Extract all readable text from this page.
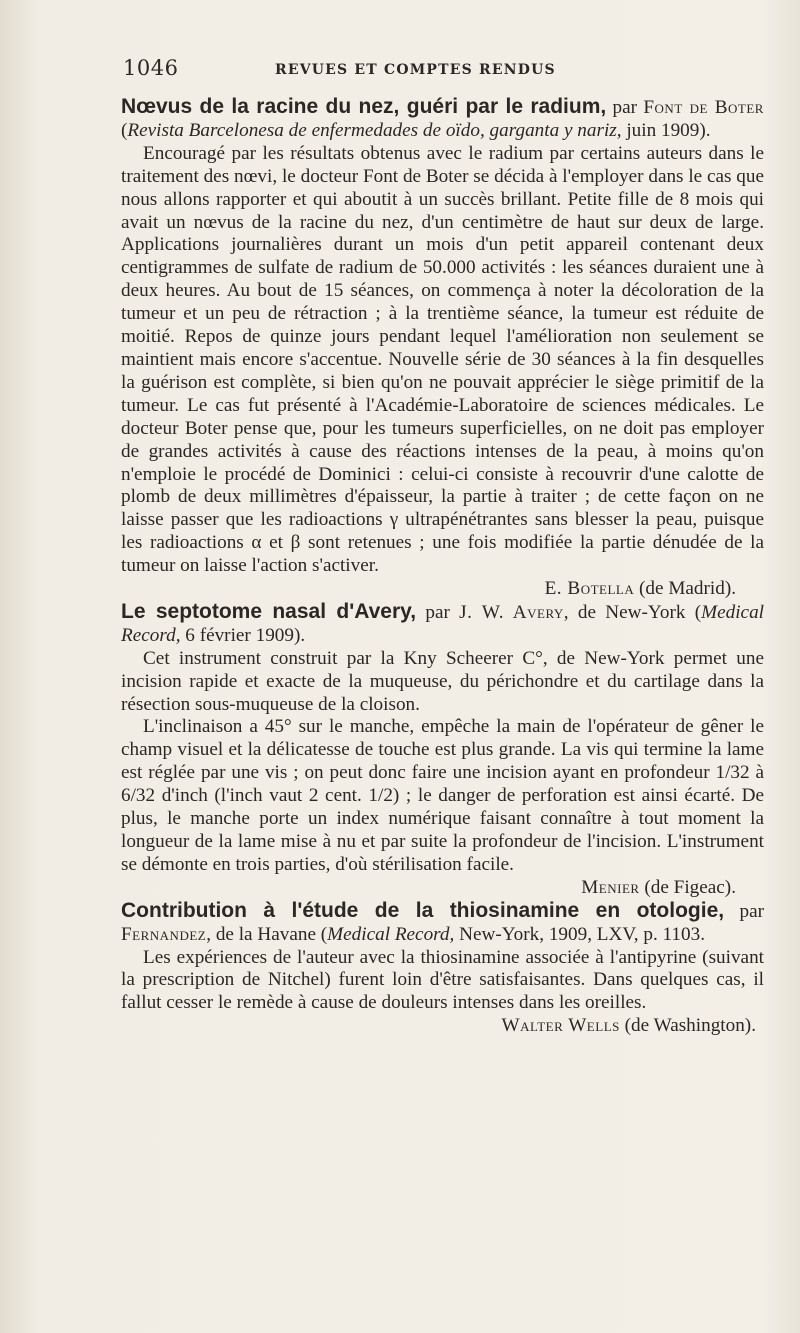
1046	REVUES ET COMPTES RENDUS

Nœvus de la racine du nez, guéri par le radium, par Font de Boter (Revista Barcelonesa de enfermedades de oïdo, garganta y nariz, juin 1909).

Encouragé par les résultats obtenus avec le radium par certains auteurs dans le traitement des nœvi, le docteur Font de Boter se décida à l'employer dans le cas que nous allons rapporter et qui aboutit à un succès brillant. Petite fille de 8 mois qui avait un nœvus de la racine du nez, d'un centimètre de haut sur deux de large. Applications journalières durant un mois d'un petit appareil contenant deux centigrammes de sulfate de radium de 50.000 activités : les séances duraient une à deux heures. Au bout de 15 séances, on commença à noter la décoloration de la tumeur et un peu de rétraction ; à la trentième séance, la tumeur est réduite de moitié. Repos de quinze jours pendant lequel l'amélioration non seulement se maintient mais encore s'accentue. Nouvelle série de 30 séances à la fin desquelles la guérison est complète, si bien qu'on ne pouvait apprécier le siège primitif de la tumeur. Le cas fut présenté à l'Académie-Laboratoire de sciences médicales. Le docteur Boter pense que, pour les tumeurs superficielles, on ne doit pas employer de grandes activités à cause des réactions intenses de la peau, à moins qu'on n'emploie le procédé de Dominici : celui-ci consiste à recouvrir d'une calotte de plomb de deux millimètres d'épaisseur, la partie à traiter ; de cette façon on ne laisse passer que les radioactions γ ultrapénétrantes sans blesser la peau, puisque les radioactions α et β sont retenues ; une fois modifiée la partie dénudée de la tumeur on laisse l'action s'activer.

E. Botella (de Madrid).

Le septotome nasal d'Avery, par J. W. Avery, de New-York (Medical Record, 6 février 1909).

Cet instrument construit par la Kny Scheerer C°, de New-York permet une incision rapide et exacte de la muqueuse, du périchondre et du cartilage dans la résection sous-muqueuse de la cloison.

L'inclinaison a 45° sur le manche, empêche la main de l'opérateur de gêner le champ visuel et la délicatesse de touche est plus grande. La vis qui termine la lame est réglée par une vis ; on peut donc faire une incision ayant en profondeur 1/32 à 6/32 d'inch (l'inch vaut 2 cent. 1/2) ; le danger de perforation est ainsi écarté. De plus, le manche porte un index numérique faisant connaître à tout moment la longueur de la lame mise à nu et par suite la profondeur de l'incision. L'instrument se démonte en trois parties, d'où stérilisation facile.

Menier (de Figeac).

Contribution à l'étude de la thiosinamine en otologie, par Fernandez, de la Havane (Medical Record, New-York, 1909, LXV, p. 1103.

Les expériences de l'auteur avec la thiosinamine associée à l'antipyrine (suivant la prescription de Nitchel) furent loin d'être satisfaisantes. Dans quelques cas, il fallut cesser le remède à cause de douleurs intenses dans les oreilles.

Walter Wells (de Washington).
